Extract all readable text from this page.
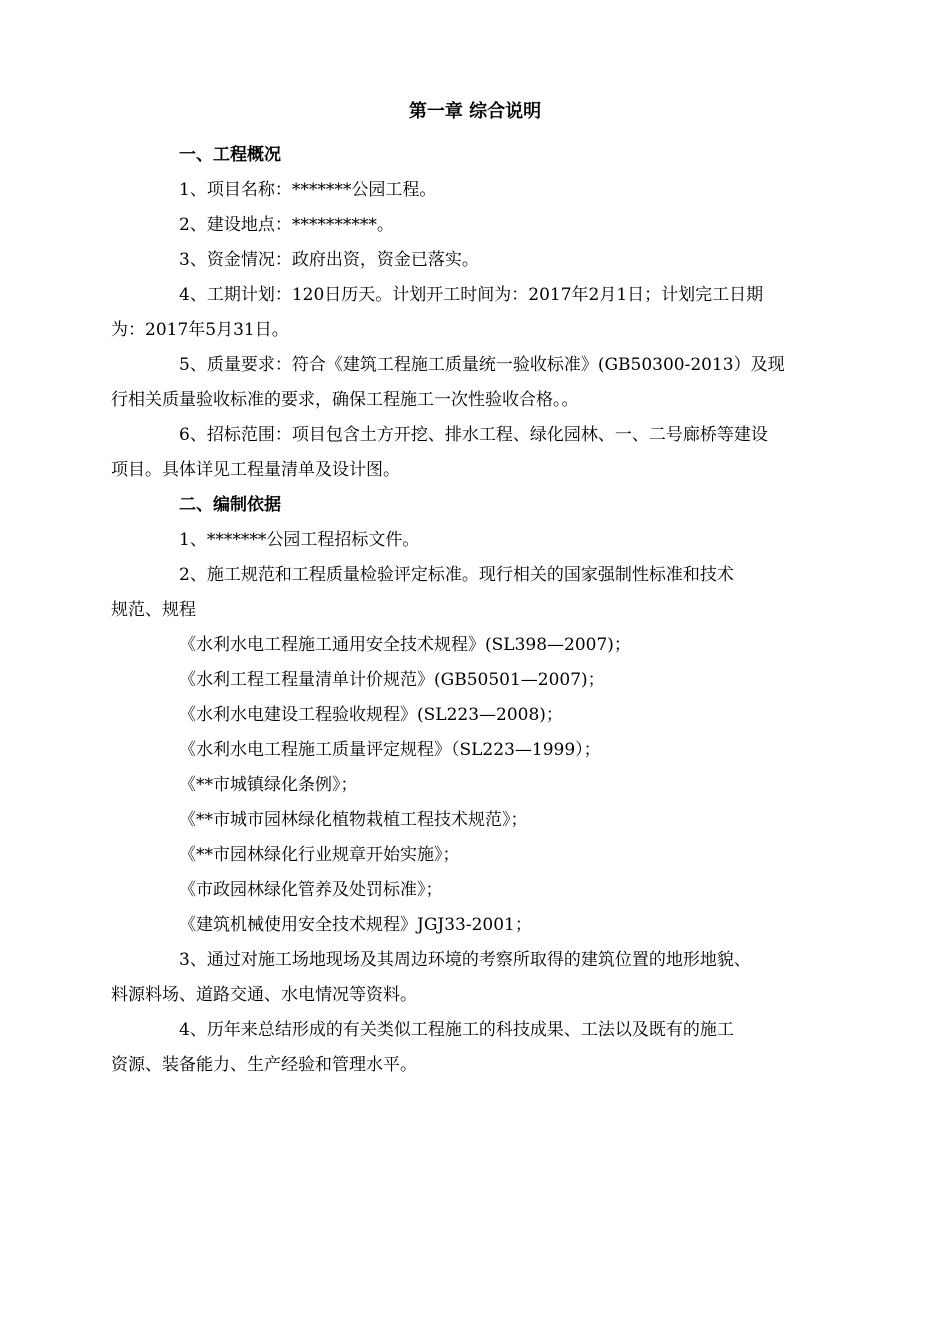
第一章 综合说明

一、工程概况

1、项目名称：*******公园工程。

2、建设地点：**********。

3、资金情况：政府出资，资金已落实。

4、工期计划：120日历天。计划开工时间为：2017年2月1日；计划完工日期
为：2017年5月31日。

5、质量要求：符合《建筑工程施工质量统一验收标准》(GB50300-2013）及现
行相关质量验收标准的要求，确保工程施工一次性验收合格。。

6、招标范围：项目包含土方开挖、排水工程、绿化园林、一、二号廊桥等建设
项目。具体详见工程量清单及设计图。

二、编制依据

1、*******公园工程招标文件。

2、施工规范和工程质量检验评定标准。现行相关的国家强制性标准和技术
规范、规程

《水利水电工程施工通用安全技术规程》(SL398—2007)；

《水利工程工程量清单计价规范》(GB50501—2007)；

《水利水电建设工程验收规程》(SL223—2008)；

《水利水电工程施工质量评定规程》（SL223—1999）；

《**市城镇绿化条例》；

《**市城市园林绿化植物栽植工程技术规范》；

《**市园林绿化行业规章开始实施》；

《市政园林绿化管养及处罚标准》；

《建筑机械使用安全技术规程》JGJ33-2001；

3、通过对施工场地现场及其周边环境的考察所取得的建筑位置的地形地貌、
料源料场、道路交通、水电情况等资料。

4、历年来总结形成的有关类似工程施工的科技成果、工法以及既有的施工
资源、装备能力、生产经验和管理水平。
